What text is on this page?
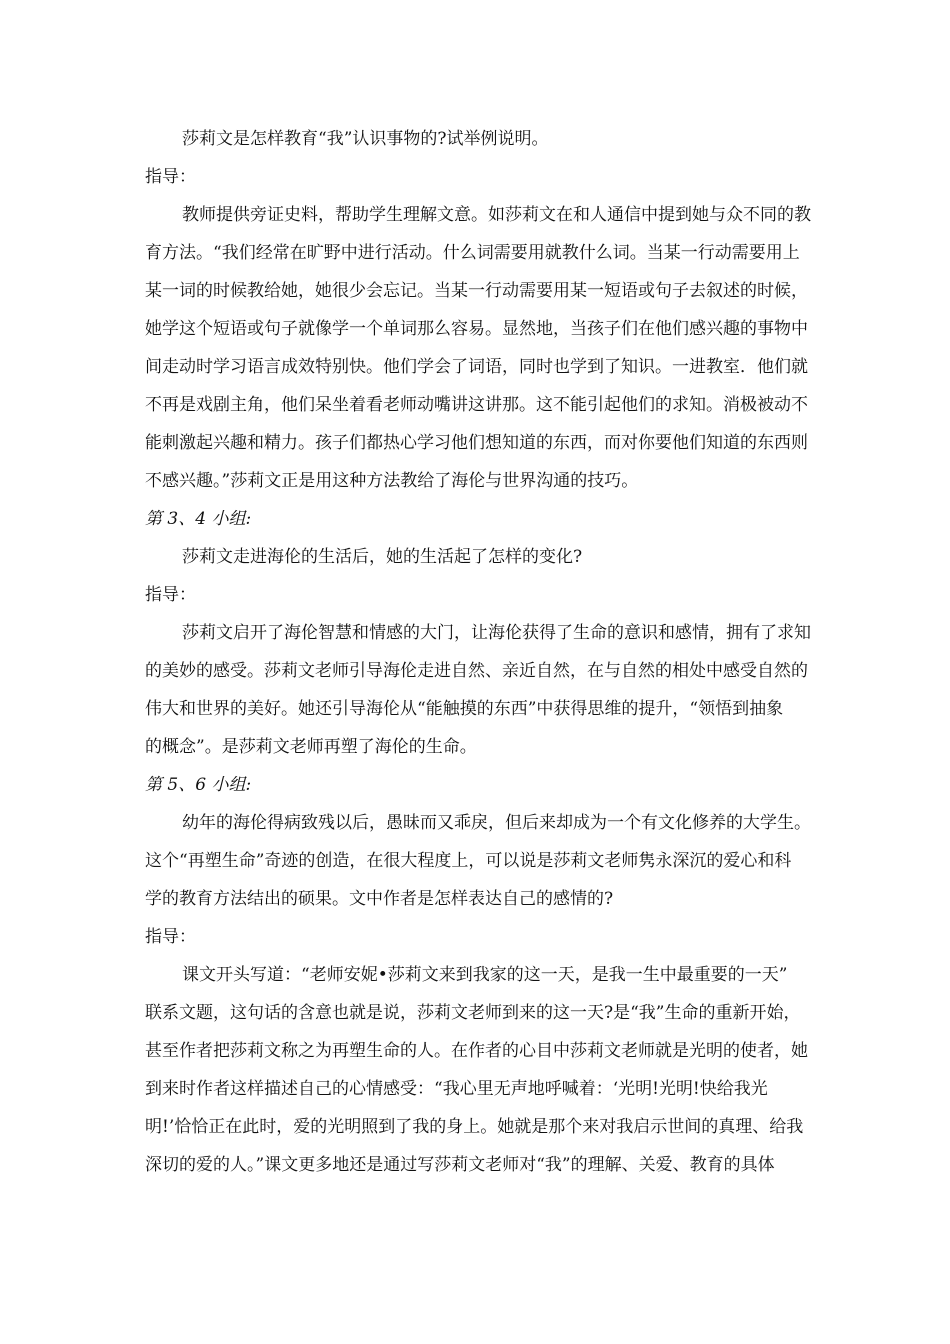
莎莉文是怎样教育“我”认识事物的?试举例说明。
指导：
教师提供旁证史料，帮助学生理解文意。如莎莉文在和人通信中提到她与众不同的教
育方法。“我们经常在旷野中进行活动。什么词需要用就教什么词。当某一行动需要用上
某一词的时候教给她，她很少会忘记。当某一行动需要用某一短语或句子去叙述的时候，
她学这个短语或句子就像学一个单词那么容易。显然地，当孩子们在他们感兴趣的事物中
间走动时学习语言成效特别快。他们学会了词语，同时也学到了知识。一进教室．他们就
不再是戏剧主角，他们呆坐着看老师动嘴讲这讲那。这不能引起他们的求知。消极被动不
能刺激起兴趣和精力。孩子们都热心学习他们想知道的东西，而对你要他们知道的东西则
不感兴趣。”莎莉文正是用这种方法教给了海伦与世界沟通的技巧。
第 3、4 小组:
莎莉文走进海伦的生活后，她的生活起了怎样的变化?
指导：
莎莉文启开了海伦智慧和情感的大门，让海伦获得了生命的意识和感情，拥有了求知
的美妙的感受。莎莉文老师引导海伦走进自然、亲近自然，在与自然的相处中感受自然的
伟大和世界的美好。她还引导海伦从“能触摸的东西”中获得思维的提升，“领悟到抽象
的概念”。是莎莉文老师再塑了海伦的生命。
第 5、6 小组:
幼年的海伦得病致残以后，愚昧而又乖戾，但后来却成为一个有文化修养的大学生。
这个“再塑生命”奇迹的创造，在很大程度上，可以说是莎莉文老师隽永深沉的爱心和科
学的教育方法结出的硕果。文中作者是怎样表达自己的感情的?
指导：
课文开头写道：“老师安妮•莎莉文来到我家的这一天，是我一生中最重要的一天”
联系文题，这句话的含意也就是说，莎莉文老师到来的这一天?是“我”生命的重新开始，
甚至作者把莎莉文称之为再塑生命的人。在作者的心目中莎莉文老师就是光明的使者，她
到来时作者这样描述自己的心情感受：“我心里无声地呼喊着：‘光明!光明!快给我光
明!’恰恰正在此时，爱的光明照到了我的身上。她就是那个来对我启示世间的真理、给我
深切的爱的人。”课文更多地还是通过写莎莉文老师对“我”的理解、关爱、教育的具体
